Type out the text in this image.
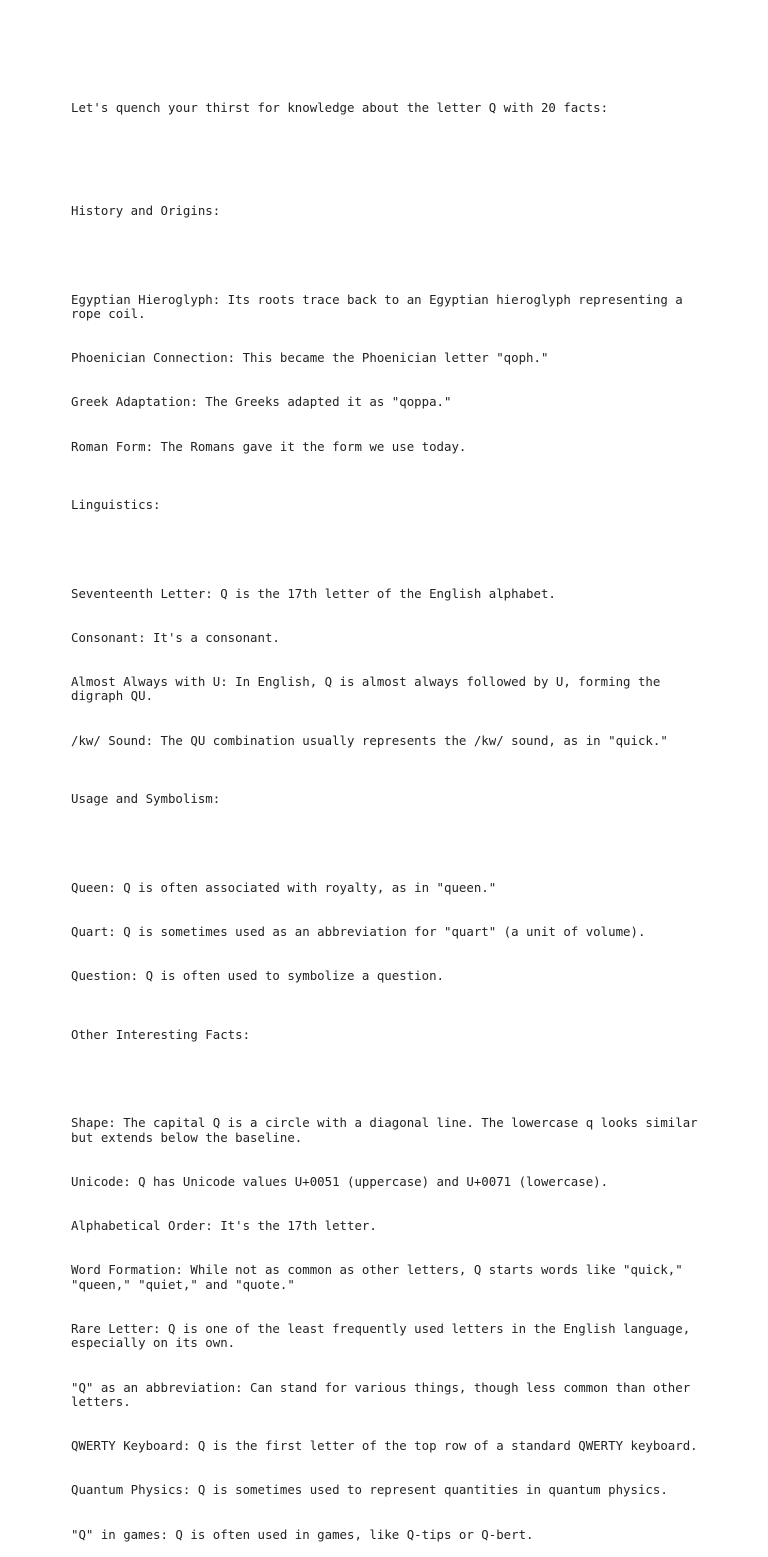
Let's quench your thirst for knowledge about the letter Q with 20 facts:

History and Origins:

Egyptian Hieroglyph: Its roots trace back to an Egyptian hieroglyph representing a rope coil.

Phoenician Connection: This became the Phoenician letter "qoph."

Greek Adaptation: The Greeks adapted it as "qoppa."

Roman Form: The Romans gave it the form we use today.

Linguistics:

Seventeenth Letter: Q is the 17th letter of the English alphabet.

Consonant: It's a consonant.

Almost Always with U: In English, Q is almost always followed by U, forming the digraph QU.

/kw/ Sound: The QU combination usually represents the /kw/ sound, as in "quick."

Usage and Symbolism:

Queen: Q is often associated with royalty, as in "queen."

Quart: Q is sometimes used as an abbreviation for "quart" (a unit of volume).

Question: Q is often used to symbolize a question.

Other Interesting Facts:

Shape: The capital Q is a circle with a diagonal line. The lowercase q looks similar but extends below the baseline.

Unicode: Q has Unicode values U+0051 (uppercase) and U+0071 (lowercase).

Alphabetical Order: It's the 17th letter.

Word Formation: While not as common as other letters, Q starts words like "quick," "queen," "quiet," and "quote."

Rare Letter: Q is one of the least frequently used letters in the English language, especially on its own.

"Q" as an abbreviation: Can stand for various things, though less common than other letters.

QWERTY Keyboard: Q is the first letter of the top row of a standard QWERTY keyboard.

Quantum Physics: Q is sometimes used to represent quantities in quantum physics.

"Q" in games: Q is often used in games, like Q-tips or Q-bert.
